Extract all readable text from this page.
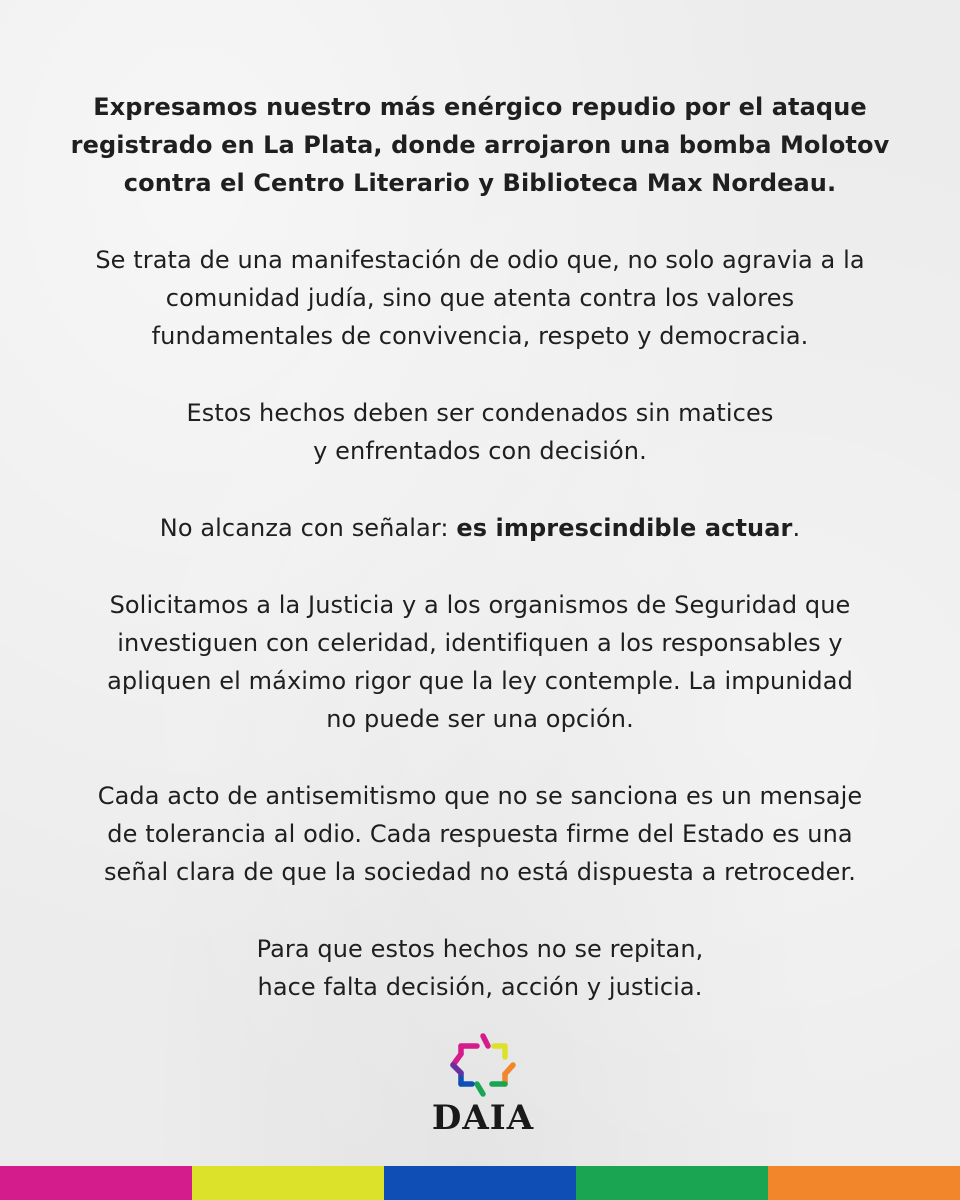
Expresamos nuestro más enérgico repudio por el ataque
registrado en La Plata, donde arrojaron una bomba Molotov
contra el Centro Literario y Biblioteca Max Nordeau.

Se trata de una manifestación de odio que, no solo agravia a la
comunidad judía, sino que atenta contra los valores
fundamentales de convivencia, respeto y democracia.

Estos hechos deben ser condenados sin matices
y enfrentados con decisión.

No alcanza con señalar: es imprescindible actuar.

Solicitamos a la Justicia y a los organismos de Seguridad que
investiguen con celeridad, identifiquen a los responsables y
apliquen el máximo rigor que la ley contemple. La impunidad
no puede ser una opción.

Cada acto de antisemitismo que no se sanciona es un mensaje
de tolerancia al odio. Cada respuesta firme del Estado es una
señal clara de que la sociedad no está dispuesta a retroceder.

Para que estos hechos no se repitan,
hace falta decisión, acción y justicia.

DAIA
